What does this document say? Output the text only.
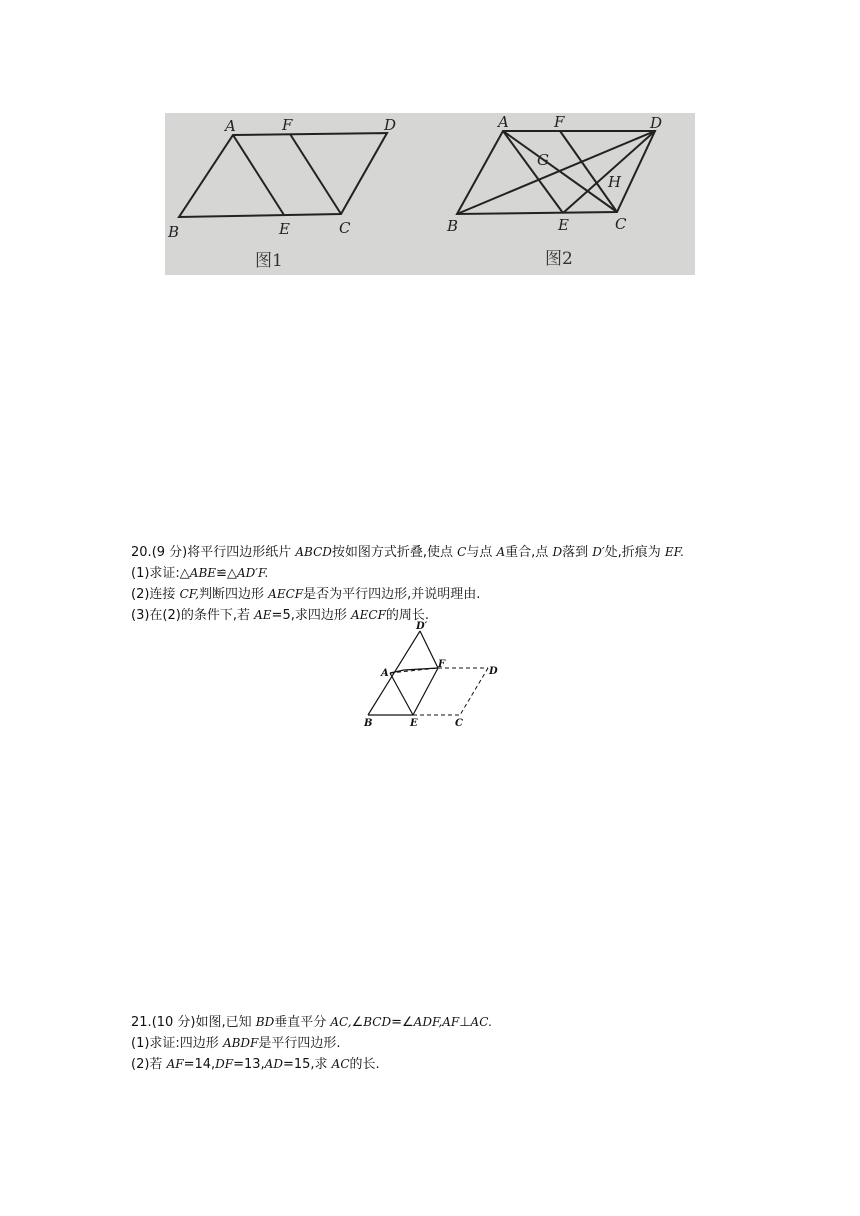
A	F	D
B	E	C
图1
A	F	D
B	E	C
G
H
图2
20.(9 分)将平行四边形纸片 ABCD按如图方式折叠,使点 C与点 A重合,点 D落到 D′处,折痕为 EF.
(1)求证:△ABE≌△AD′F.
(2)连接 CF,判断四边形 AECF是否为平行四边形,并说明理由.
(3)在(2)的条件下,若 AE=5,求四边形 AECF的周长.
D′
A
F
D
B	E	C
21.(10 分)如图,已知 BD垂直平分 AC,∠BCD=∠ADF,AF⊥AC.
(1)求证:四边形 ABDF是平行四边形.
(2)若 AF=14,DF=13,AD=15,求 AC的长.
